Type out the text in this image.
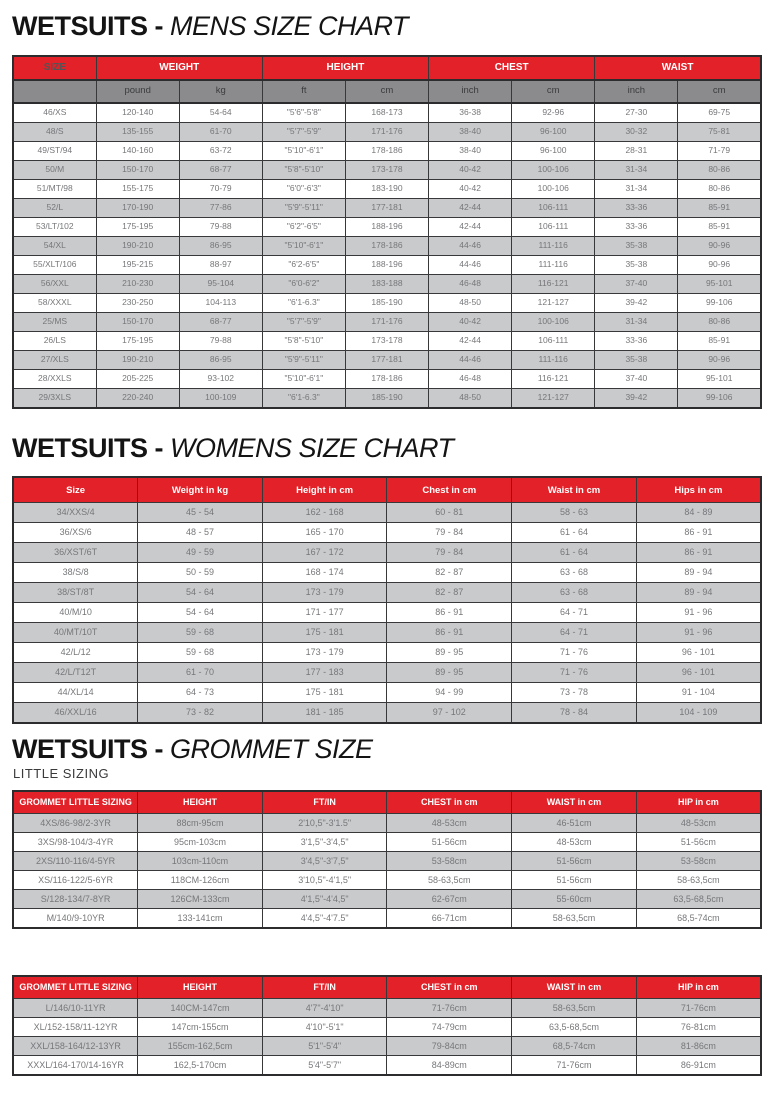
WETSUITS - MENS SIZE CHART
SIZE	WEIGHT		HEIGHT		CHEST		WAIST	
	pound	kg	ft	cm	inch	cm	inch	cm
46/XS	120-140	54-64	"5'6"-5'8"	168-173	36-38	92-96	27-30	69-75
48/S	135-155	61-70	"5'7"-5'9"	171-176	38-40	96-100	30-32	75-81
49/ST/94	140-160	63-72	"5'10"-6'1"	178-186	38-40	96-100	28-31	71-79
50/M	150-170	68-77	"5'8"-5'10"	173-178	40-42	100-106	31-34	80-86
51/MT/98	155-175	70-79	"6'0"-6'3"	183-190	40-42	100-106	31-34	80-86
52/L	170-190	77-86	"5'9"-5'11"	177-181	42-44	106-111	33-36	85-91
53/LT/102	175-195	79-88	"6'2"-6'5"	188-196	42-44	106-111	33-36	85-91
54/XL	190-210	86-95	"5'10"-6'1"	178-186	44-46	111-116	35-38	90-96
55/XLT/106	195-215	88-97	"6'2-6'5"	188-196	44-46	111-116	35-38	90-96
56/XXL	210-230	95-104	"6'0-6'2"	183-188	46-48	116-121	37-40	95-101
58/XXXL	230-250	104-113	"6'1-6.3"	185-190	48-50	121-127	39-42	99-106
25/MS	150-170	68-77	"5'7"-5'9"	171-176	40-42	100-106	31-34	80-86
26/LS	175-195	79-88	"5'8"-5'10"	173-178	42-44	106-111	33-36	85-91
27/XLS	190-210	86-95	"5'9"-5'11"	177-181	44-46	111-116	35-38	90-96
28/XXLS	205-225	93-102	"5'10"-6'1"	178-186	46-48	116-121	37-40	95-101
29/3XLS	220-240	100-109	"6'1-6.3"	185-190	48-50	121-127	39-42	99-106
WETSUITS - WOMENS SIZE CHART
Size	Weight in kg	Height in cm	Chest in cm	Waist in cm	Hips in cm
34/XXS/4	45 - 54	162 - 168	60 - 81	58 - 63	84 - 89
36/XS/6	48 - 57	165 - 170	79 - 84	61 - 64	86 - 91
36/XST/6T	49 - 59	167 - 172	79 - 84	61 - 64	86 - 91
38/S/8	50 - 59	168 - 174	82 - 87	63 - 68	89 - 94
38/ST/8T	54 - 64	173 - 179	82 - 87	63 - 68	89 - 94
40/M/10	54 - 64	171 - 177	86 - 91	64 - 71	91 - 96
40/MT/10T	59 - 68	175 - 181	86 - 91	64 - 71	91 - 96
42/L/12	59 - 68	173 - 179	89 - 95	71 - 76	96 - 101
42/L/T12T	61 - 70	177 - 183	89 - 95	71 - 76	96 - 101
44/XL/14	64 - 73	175 - 181	94 - 99	73 - 78	91 - 104
46/XXL/16	73 - 82	181 - 185	97 - 102	78 - 84	104 - 109
WETSUITS - GROMMET SIZE
LITTLE SIZING
GROMMET LITTLE SIZING	HEIGHT	FT/IN	CHEST in cm	WAIST in cm	HIP in cm
4XS/86-98/2-3YR	88cm-95cm	2'10,5"-3'1.5"	48-53cm	46-51cm	48-53cm
3XS/98-104/3-4YR	95cm-103cm	3'1,5"-3'4,5"	51-56cm	48-53cm	51-56cm
2XS/110-116/4-5YR	103cm-110cm	3'4,5"-3'7,5"	53-58cm	51-56cm	53-58cm
XS/116-122/5-6YR	118CM-126cm	3'10,5"-4'1,5"	58-63,5cm	51-56cm	58-63,5cm
S/128-134/7-8YR	126CM-133cm	4'1,5"-4'4,5"	62-67cm	55-60cm	63,5-68,5cm
M/140/9-10YR	133-141cm	4'4,5"-4'7.5"	66-71cm	58-63,5cm	68,5-74cm
GROMMET LITTLE SIZING	HEIGHT	FT/IN	CHEST in cm	WAIST in cm	HIP in cm
L/146/10-11YR	140CM-147cm	4'7"-4'10"	71-76cm	58-63,5cm	71-76cm
XL/152-158/11-12YR	147cm-155cm	4'10"-5'1"	74-79cm	63,5-68,5cm	76-81cm
XXL/158-164/12-13YR	155cm-162,5cm	5'1"-5'4"	79-84cm	68,5-74cm	81-86cm
XXXL/164-170/14-16YR	162,5-170cm	5'4"-5'7"	84-89cm	71-76cm	86-91cm
